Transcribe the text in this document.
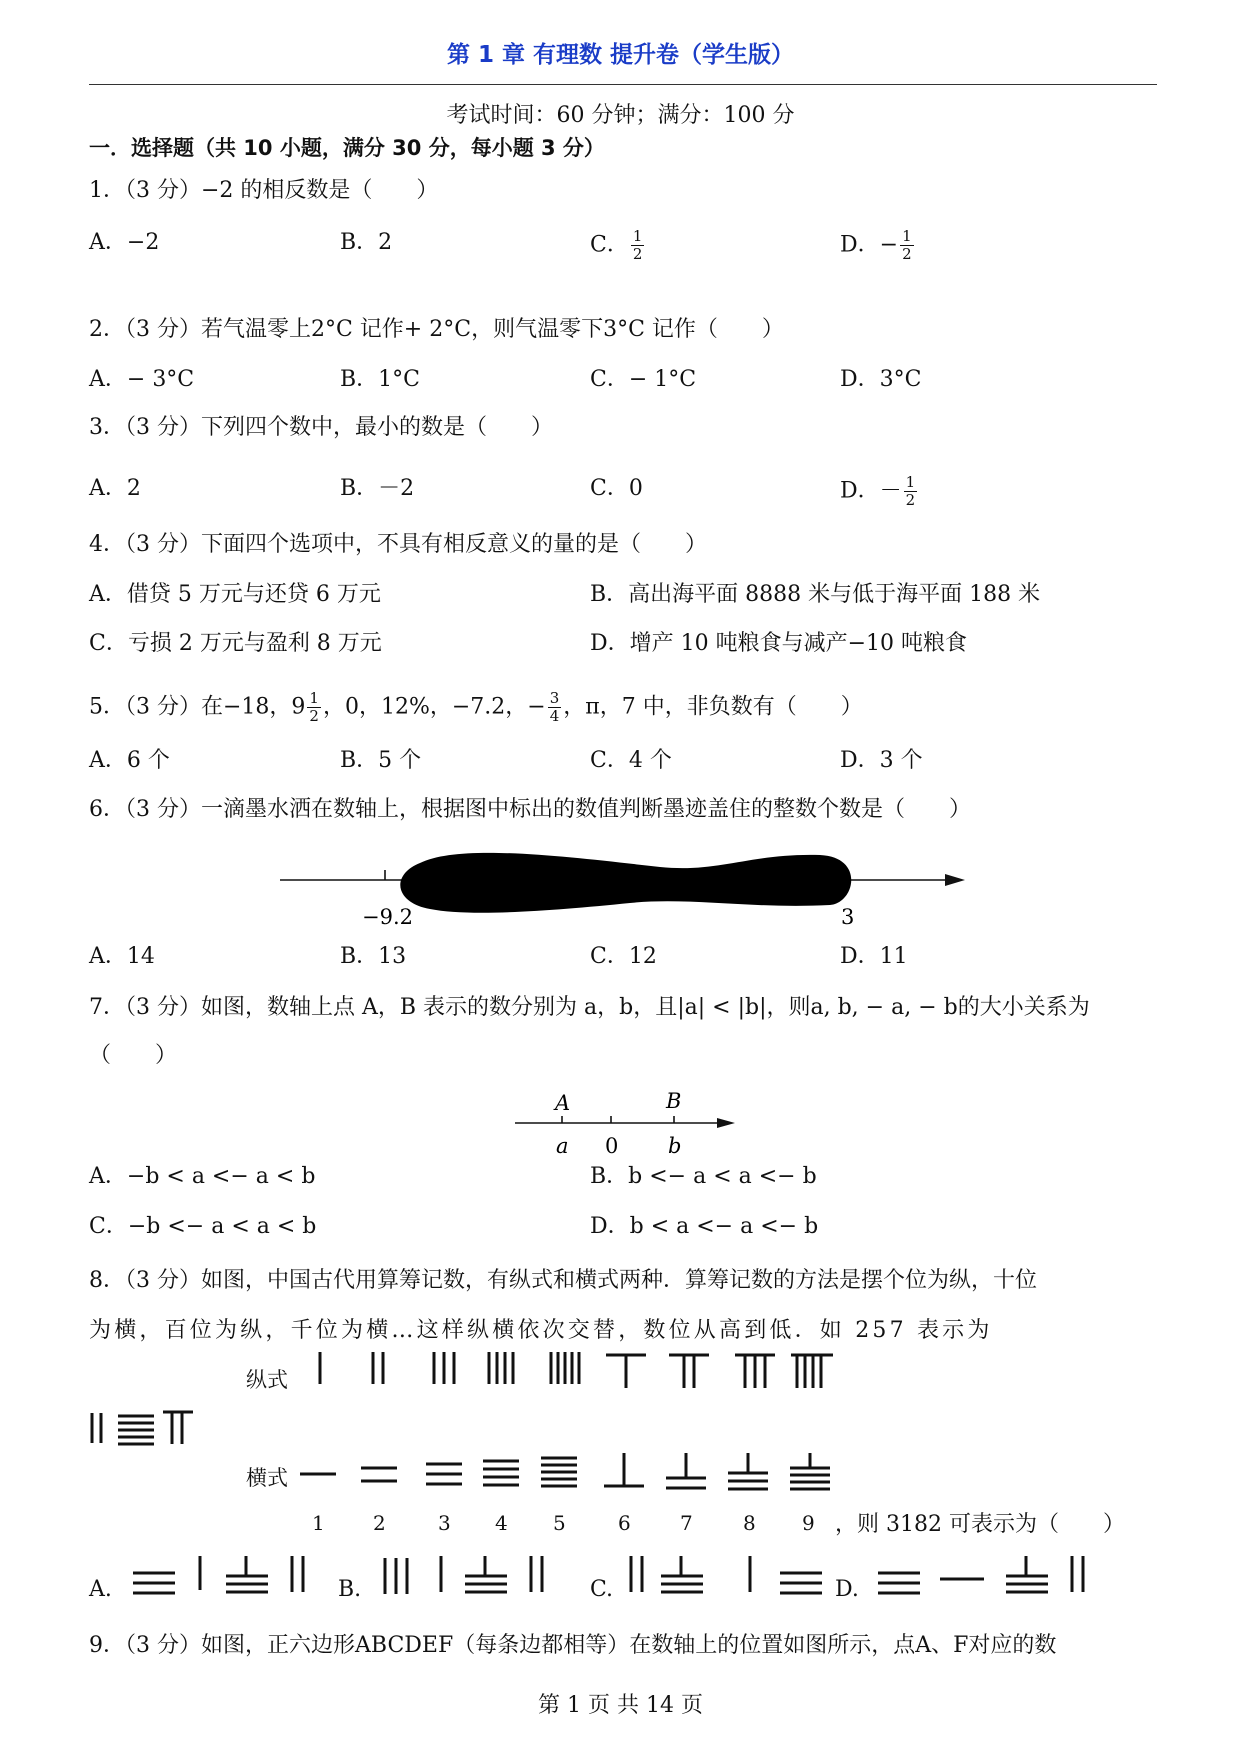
第 1 章 有理数 提升卷（学生版）
考试时间：60 分钟；满分：100 分
一．选择题（共 10 小题，满分 30 分，每小题 3 分）
1．（3 分）−2 的相反数是（　　）
A．−2	B．2	C． $\frac{1}{2}$	D．− $\frac{1}{2}$
2．（3 分）若气温零上2°C 记作+ 2°C，则气温零下3°C 记作（　　）
A．− 3°C	B．1°C	C．− 1°C	D．3°C
3．（3 分）下列四个数中，最小的数是（　　）
A．2	B．－2	C．0	D．－ $\frac{1}{2}$
4．（3 分）下面四个选项中，不具有相反意义的量的是（　　）
A．借贷 5 万元与还贷 6 万元	B．高出海平面 8888 米与低于海平面 188 米
C．亏损 2 万元与盈利 8 万元	D．增产 10 吨粮食与减产−10 吨粮食
5．（3 分）在−18，$9 \frac{1}{2}$ ，0，12%，−7.2，− $\frac{3}{4}$ ，π，7 中，非负数有（　　）
A．6 个	B．5 个	C．4 个	D．3 个
6．（3 分）一滴墨水洒在数轴上，根据图中标出的数值判断墨迹盖住的整数个数是（　　）
−9.2	3
A．14	B．13	C．12	D．11
7．（3 分）如图，数轴上点 A，B 表示的数分别为 a，b，且|a| < |b|，则a, b, − a, − b的大小关系为
（　　）
A	B
a 0 b
A．−b < a <− a < b	B．b <− a < a <− b
C．−b <− a < a < b	D．b < a <− a <− b
8．（3 分）如图，中国古代用算筹记数，有纵式和横式两种．算筹记数的方法是摆个位为纵，十位
为横，百位为纵，千位为横…这样纵横依次交替，数位从高到低．如 257 表示为
纵式
横式
1 2	3 4 5	6 7	8 9 ，则 3182 可表示为（　　）
A.	B.	C.	D.
9．（3 分）如图，正六边形ABCDEF（每条边都相等）在数轴上的位置如图所示，点A、F对应的数
第 1 页 共 14 页
